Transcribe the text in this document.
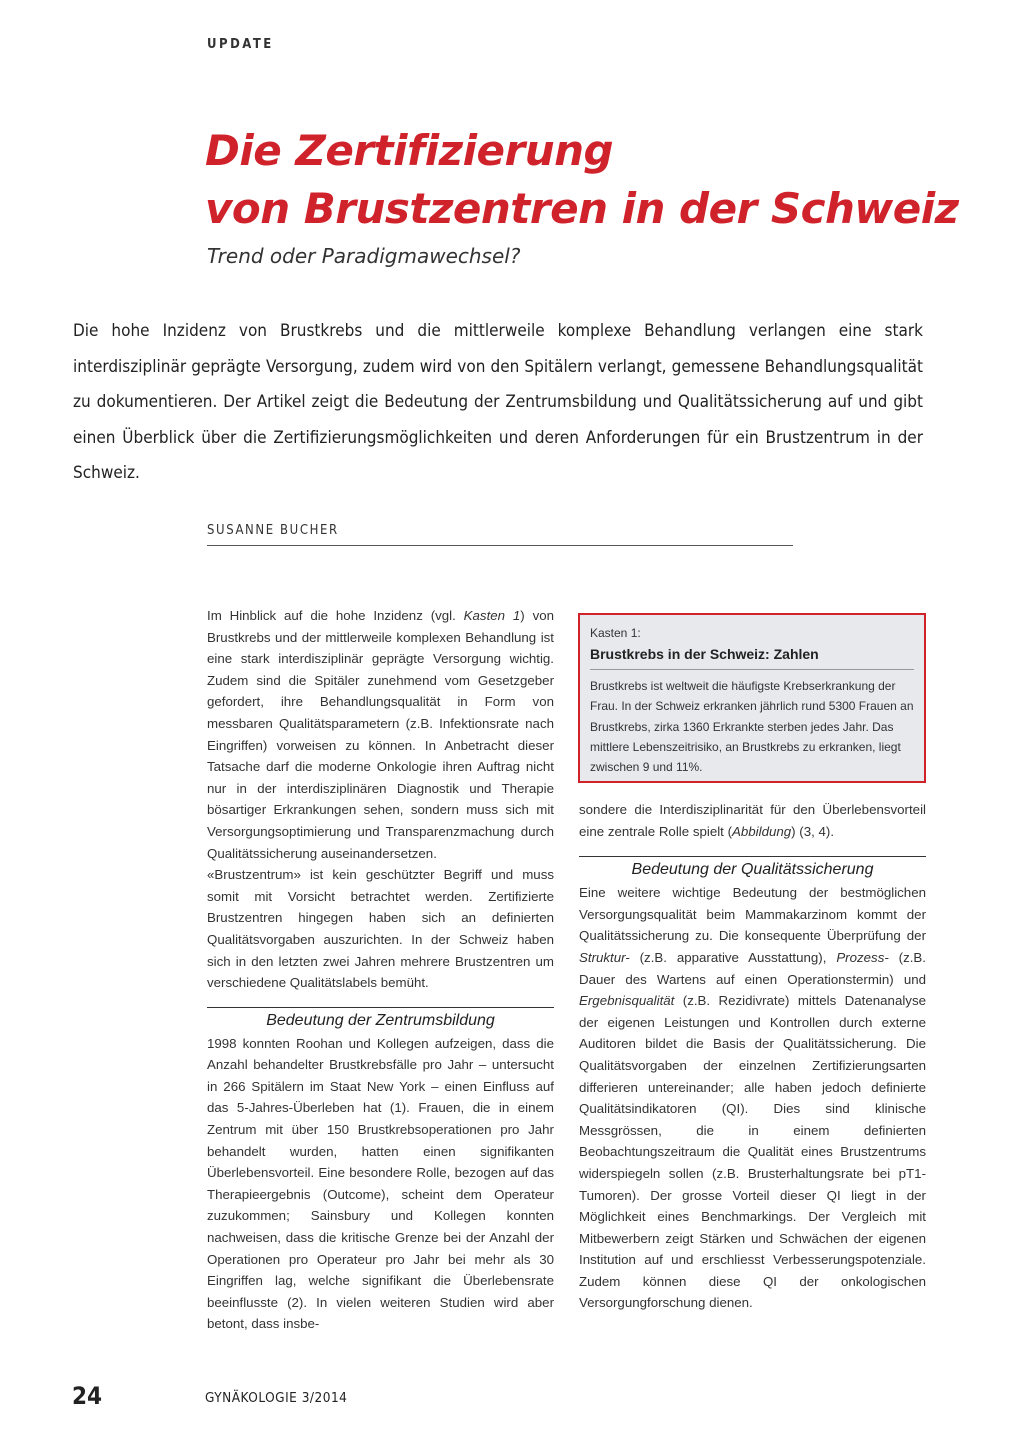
UPDATE
Die Zertifizierung
von Brustzentren in der Schweiz
Trend oder Paradigmawechsel?

Die hohe Inzidenz von Brustkrebs und die mittlerweile komplexe Behandlung verlangen eine stark interdisziplinär geprägte Versorgung, zudem wird von den Spitälern verlangt, gemessene Behandlungsqualität zu dokumentieren. Der Artikel zeigt die Bedeutung der Zentrumsbildung und Qualitätssicherung auf und gibt einen Überblick über die Zertifizierungsmöglichkeiten und deren Anforderungen für ein Brustzentrum in der Schweiz.

SUSANNE BUCHER

Im Hinblick auf die hohe Inzidenz (vgl. Kasten 1) von Brustkrebs und der mittlerweile komplexen Behandlung ist eine stark interdisziplinär geprägte Versorgung wichtig. Zudem sind die Spitäler zunehmend vom Gesetzgeber gefordert, ihre Behandlungsqualität in Form von messbaren Qualitätsparametern (z.B. Infektionsrate nach Eingriffen) vorweisen zu können. In Anbetracht dieser Tatsache darf die moderne Onkologie ihren Auftrag nicht nur in der interdisziplinären Diagnostik und Therapie bösartiger Erkrankungen sehen, sondern muss sich mit Versorgungsoptimierung und Transparenzmachung durch Qualitätssicherung auseinandersetzen.

«Brustzentrum» ist kein geschützter Begriff und muss somit mit Vorsicht betrachtet werden. Zertifizierte Brustzentren hingegen haben sich an definierten Qualitätsvorgaben auszurichten. In der Schweiz haben sich in den letzten zwei Jahren mehrere Brustzentren um verschiedene Qualitätslabels bemüht.

Bedeutung der Zentrumsbildung

1998 konnten Roohan und Kollegen aufzeigen, dass die Anzahl behandelter Brustkrebsfälle pro Jahr – untersucht in 266 Spitälern im Staat New York – einen Einfluss auf das 5-Jahres-Überleben hat (1). Frauen, die in einem Zentrum mit über 150 Brustkrebsoperationen pro Jahr behandelt wurden, hatten einen signifikanten Überlebensvorteil. Eine besondere Rolle, bezogen auf das Therapieergebnis (Outcome), scheint dem Operateur zuzukommen; Sainsbury und Kollegen konnten nachweisen, dass die kritische Grenze bei der Anzahl der Operationen pro Operateur pro Jahr bei mehr als 30 Eingriffen lag, welche signifikant die Überlebensrate beeinflusste (2). In vielen weiteren Studien wird aber betont, dass insbe-

Kasten 1:
Brustkrebs in der Schweiz: Zahlen

Brustkrebs ist weltweit die häufigste Krebserkrankung der Frau. In der Schweiz erkranken jährlich rund 5300 Frauen an Brustkrebs, zirka 1360 Erkrankte sterben jedes Jahr. Das mittlere Lebenszeitrisiko, an Brustkrebs zu erkranken, liegt zwischen 9 und 11%.

sondere die Interdisziplinarität für den Überlebensvorteil eine zentrale Rolle spielt (Abbildung) (3, 4).

Bedeutung der Qualitätssicherung

Eine weitere wichtige Bedeutung der bestmöglichen Versorgungsqualität beim Mammakarzinom kommt der Qualitätssicherung zu. Die konsequente Überprüfung der Struktur- (z.B. apparative Ausstattung), Prozess- (z.B. Dauer des Wartens auf einen Operationstermin) und Ergebnisqualität (z.B. Rezidivrate) mittels Datenanalyse der eigenen Leistungen und Kontrollen durch externe Auditoren bildet die Basis der Qualitätssicherung. Die Qualitätsvorgaben der einzelnen Zertifizierungsarten differieren untereinander; alle haben jedoch definierte Qualitätsindikatoren (QI). Dies sind klinische Messgrössen, die in einem definierten Beobachtungszeitraum die Qualität eines Brustzentrums widerspiegeln sollen (z.B. Brusterhaltungsrate bei pT1-Tumoren). Der grosse Vorteil dieser QI liegt in der Möglichkeit eines Benchmarkings. Der Vergleich mit Mitbewerbern zeigt Stärken und Schwächen der eigenen Institution auf und erschliesst Verbesserungspotenziale. Zudem können diese QI der onkologischen Versorgungforschung dienen.

24	GYNÄKOLOGIE 3/2014
